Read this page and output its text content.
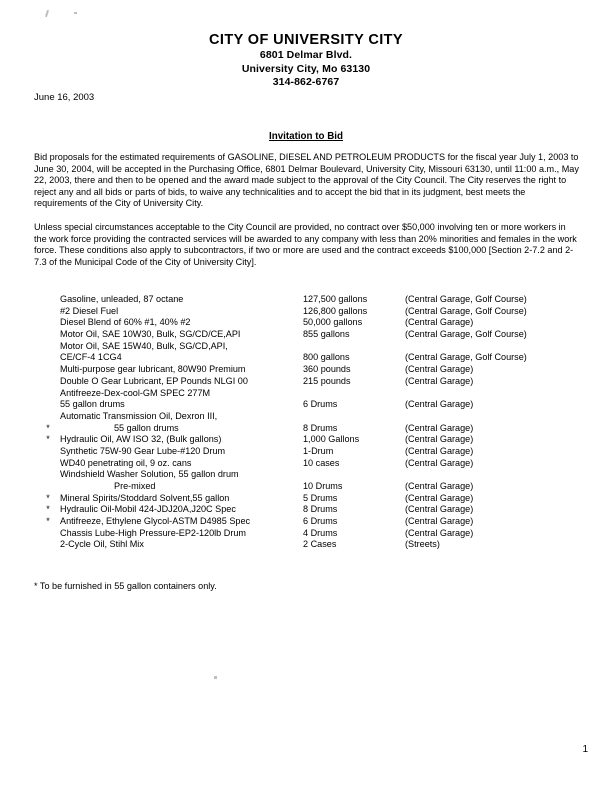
CITY OF UNIVERSITY CITY
6801 Delmar Blvd.
University City, Mo 63130
314-862-6767
June 16, 2003
Invitation to Bid
Bid proposals for the estimated requirements of GASOLINE, DIESEL AND PETROLEUM PRODUCTS for the fiscal year July 1, 2003 to June 30, 2004, will be accepted in the Purchasing Office, 6801 Delmar Boulevard, University City, Missouri 63130, until 11:00 a.m., May 22, 2003, there and then to be opened and the award made subject to the approval of the City Council. The City reserves the right to reject any and all bids or parts of bids, to waive any technicalities and to accept the bid that in its judgment, best meets the requirements of the City of University City.
Unless special circumstances acceptable to the City Council are provided, no contract over $50,000 involving ten or more workers in the work force providing the contracted services will be awarded to any company with less than 20% minorities and females in the work force. These conditions also apply to subcontractors, if two or more are used and the contract exceeds $100,000 [Section 2-7.2 and 2-7.3 of the Municipal Code of the City of University City].
Gasoline, unleaded, 87 octane	127,500 gallons	(Central Garage, Golf Course)
#2 Diesel Fuel	126,800 gallons	(Central Garage, Golf Course)
Diesel Blend of 60% #1, 40% #2	50,000 gallons	(Central Garage)
Motor Oil, SAE 10W30, Bulk, SG/CD/CE,API	855 gallons	(Central Garage, Golf Course)
Motor Oil, SAE 15W40, Bulk, SG/CD,API,
CE/CF-4 1CG4	800 gallons	(Central Garage, Golf Course)
Multi-purpose gear lubricant, 80W90 Premium	360 pounds	(Central Garage)
Double O Gear Lubricant, EP Pounds NLGI 00	215 pounds	(Central Garage)
Antifreeze-Dex-cool-GM SPEC 277M
55 gallon drums	6 Drums	(Central Garage)
Automatic Transmission Oil, Dexron III,
*	55 gallon drums	8 Drums	(Central Garage)
*	Hydraulic Oil, AW ISO 32, (Bulk gallons)	1,000 Gallons	(Central Garage)
Synthetic 75W-90 Gear Lube-#120 Drum	1-Drum	(Central Garage)
WD40 penetrating oil, 9 oz. cans	10 cases	(Central Garage)
Windshield Washer Solution, 55 gallon drum
Pre-mixed	10 Drums	(Central Garage)
*	Mineral Spirits/Stoddard Solvent,55 gallon	5 Drums	(Central Garage)
*	Hydraulic Oil-Mobil 424-JDJ20A,J20C Spec	8 Drums	(Central Garage)
*	Antifreeze, Ethylene Glycol-ASTM D4985 Spec	6 Drums	(Central Garage)
Chassis Lube-High Pressure-EP2-120lb Drum	4 Drums	(Central Garage)
2-Cycle Oil, Stihl Mix	2 Cases	(Streets)
* To be furnished in 55 gallon containers only.
1
